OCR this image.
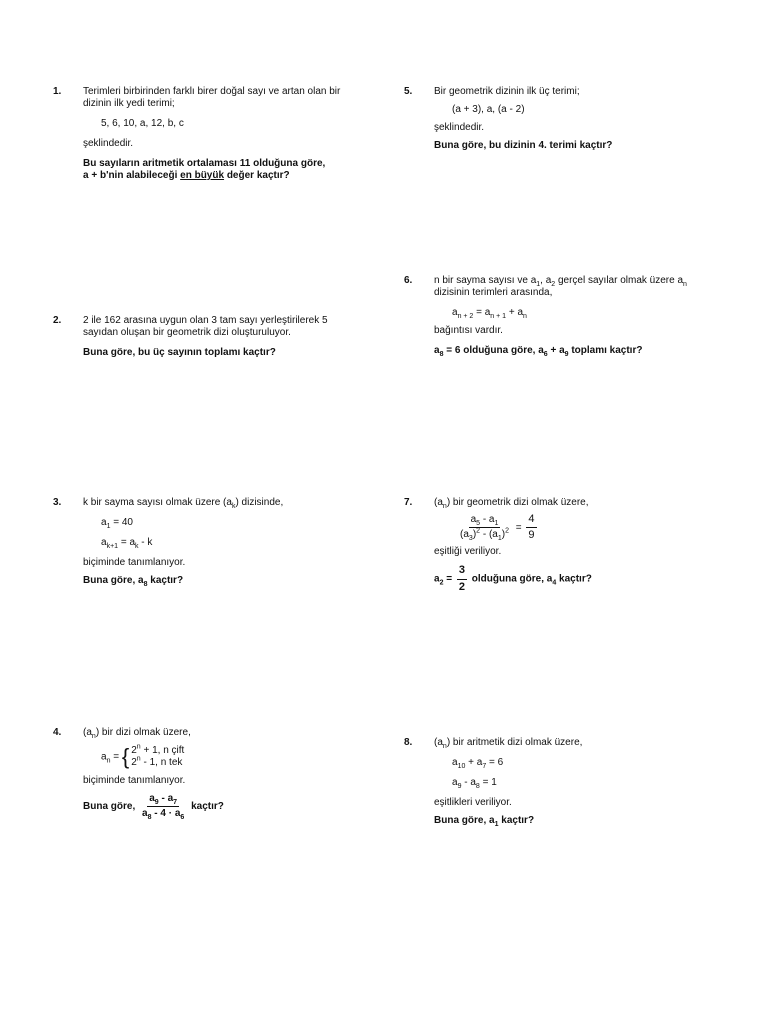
1. Terimleri birbirinden farklı birer doğal sayı ve artan olan bir

dizinin ilk yedi terimi;

5, 6, 10, a, 12, b, c

şeklindedir.

Bu sayıların aritmetik ortalaması 11 olduğuna göre,

a + b'nin alabileceği en büyük değer kaçtır?

2. 2 ile 162 arasına uygun olan 3 tam sayı yerleştirilerek 5

sayıdan oluşan bir geometrik dizi oluşturuluyor.

Buna göre, bu üç sayının toplamı kaçtır?

3. k bir sayma sayısı olmak üzere $(a_k)$ dizisinde,

$a_1 = 40$

$a_{k+1} = a_k - k$

biçiminde tanımlanıyor.

Buna göre, $a_8$ kaçtır?

4. $(a_n)$ bir dizi olmak üzere,

$a_n$ = { $2^n + 1$, n çift
2$^n$ - 1, n tek

biçiminde tanımlanıyor.

Buna göre, $\frac{a_9 - a_7}{a_8 - 4 \cdot a_6}$ kaçtır?
5. Bir geometrik dizinin ilk üç terimi;

(a + 3), a, (a - 2)

şeklindedir.

Buna göre, bu dizinin 4. terimi kaçtır?

6. n bir sayma sayısı ve $a_1$, $a_2$ gerçel sayılar olmak üzere $a_n$

dizisinin terimleri arasında,

$a_{n + 2} = a_{n + 1} + a_n$

bağıntısı vardır.

$a_8 = 6$ olduğuna göre, $a_6 + a_9$ toplamı kaçtır?

7. $(a_n)$ bir geometrik dizi olmak üzere,

$\frac{a_5 - a_1}{(a_3)^2 - (a_1)^2} = \frac{4}{9}$

eşitliği veriliyor.

$a_2 = \frac{3}{2}$ olduğuna göre, $a_4$ kaçtır?
8. $(a_n)$ bir aritmetik dizi olmak üzere,

$a_{10} + a_7 = 6$

$a_9 - a_8 = 1$

eşitlikleri veriliyor.

Buna göre, $a_1$ kaçtır?
